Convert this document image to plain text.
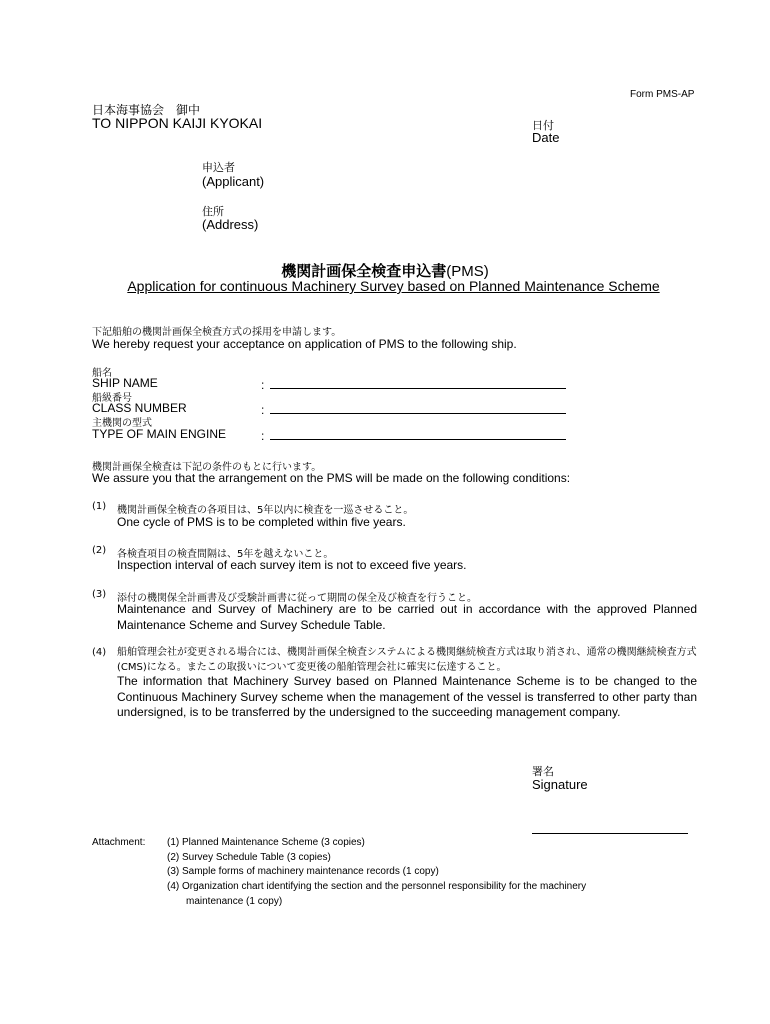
Form PMS-AP
日本海事協会　御中
TO NIPPON KAIJI KYOKAI	日付
Date
申込者
(Applicant)
住所
(Address)
機関計画保全検査申込書(PMS)
Application for continuous Machinery Survey based on Planned Maintenance Scheme
下記船舶の機関計画保全検査方式の採用を申請します。
We hereby request your acceptance on application of PMS to the following ship.
船名
SHIP NAME	:
船級番号
CLASS NUMBER	:
主機関の型式
TYPE OF MAIN ENGINE	:
機関計画保全検査は下記の条件のもとに行います。
We assure you that the arrangement on the PMS will be made on the following conditions:
(1) 機関計画保全検査の各項目は、5年以内に検査を一巡させること。
One cycle of PMS is to be completed within five years.
(2) 各検査項目の検査間隔は、5年を越えないこと。
Inspection interval of each survey item is not to exceed five years.
(3) 添付の機関保全計画書及び受験計画書に従って期間の保全及び検査を行うこと。
Maintenance and Survey of Machinery are to be carried out in accordance with the approved Planned Maintenance Scheme and Survey Schedule Table.
(4) 船舶管理会社が変更される場合には、機関計画保全検査システムによる機関継続検査方式は取り消され、通常の機関継続検査方式(CMS)になる。またこの取扱いについて変更後の船舶管理会社に確実に伝達すること。
The information that Machinery Survey based on Planned Maintenance Scheme is to be changed to the Continuous Machinery Survey scheme when the management of the vessel is transferred to other party than undersigned, is to be transferred by the undersigned to the succeeding management company.
署名
Signature
Attachment: (1) Planned Maintenance Scheme (3 copies)
(2) Survey Schedule Table (3 copies)
(3) Sample forms of machinery maintenance records (1 copy)
(4) Organization chart identifying the section and the personnel responsibility for the machinery
maintenance (1 copy)
